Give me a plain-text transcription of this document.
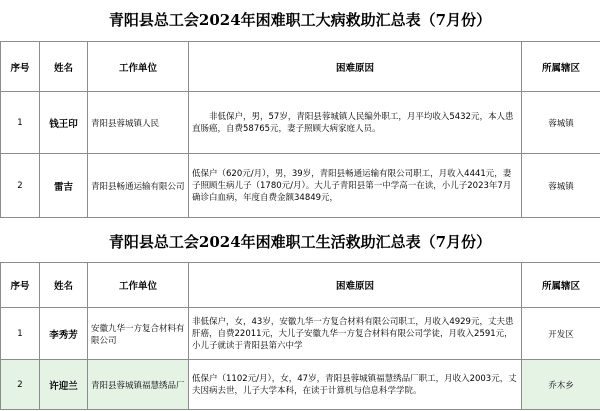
青阳县总工会2024年困难职工大病救助汇总表（7月份）
序号	姓名	工作单位	困难原因	所属辖区
1	钱王印	青阳县蓉城镇人民	非低保户，男，57岁，青阳县蓉城镇人民编外职工，月平均收入5432元，本人患直肠癌，自费58765元，妻子照顾大病家庭人员。	蓉城镇
2	雷吉	青阳县畅通运输有限公司	低保户（620元/月），男，39岁，青阳县畅通运输有限公司职工，月收入4441元，妻子照顾生病儿子（1780元/月）。大儿子青阳县第一中学高一在读，小儿子2023年7月确诊白血病，年度自费金额34849元，	蓉城镇
青阳县总工会2024年困难职工生活救助汇总表（7月份）
序号	姓名	工作单位	困难原因	所属辖区
1	李秀芳	安徽九华一方复合材料有限公司	非低保户，女，43岁，安徽九华一方复合材料有限公司职工，月收入4929元，丈夫患肝癌，自费22011元，大儿子安徽九华一方复合材料有限公司学徒，月收入2591元，小儿子就读于青阳县第六中学	开发区
2	许迎兰	青阳县蓉城镇福慧绣品厂	低保户（1102元/月），女，47岁，青阳县蓉城镇福慧绣品厂职工，月收入2003元，丈夫因病去世，儿子大学本科，在读于计算机与信息科学学院。	乔木乡
